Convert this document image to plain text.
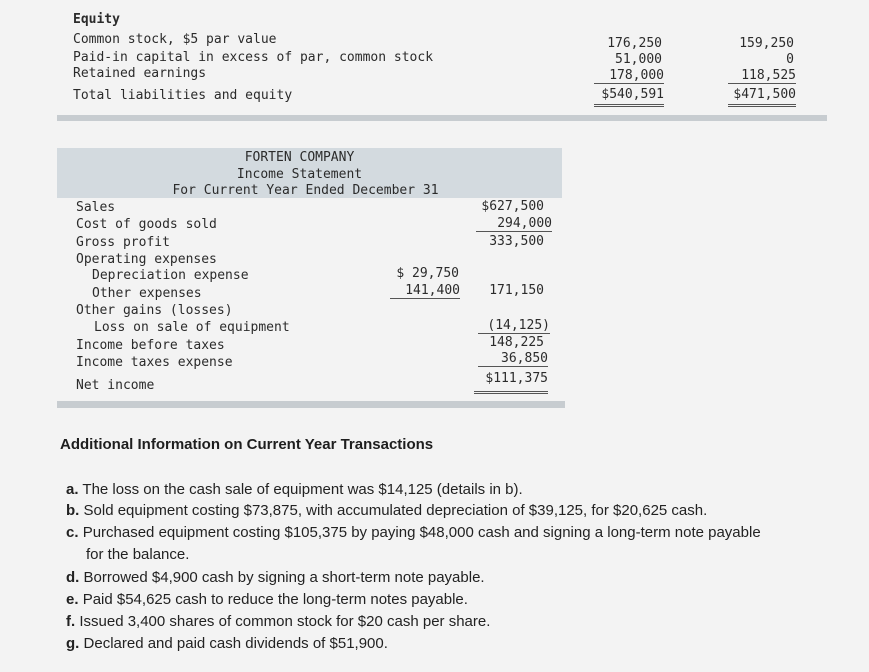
Equity
Common stock, $5 par value
Paid-in capital in excess of par, common stock
Retained earnings
Total liabilities and equity
176,250
51,000
178,000
$540,591
159,250
0
118,525
$471,500
FORTEN COMPANY
Income Statement
For Current Year Ended December 31
Sales
Cost of goods sold
Gross profit
Operating expenses
Depreciation expense
Other expenses
Other gains (losses)
Loss on sale of equipment
Income before taxes
Income taxes expense
Net income
$ 29,750
141,400
$627,500
294,000
333,500
171,150
(14,125)
148,225
36,850
$111,375
Additional Information on Current Year Transactions
a. The loss on the cash sale of equipment was $14,125 (details in b).
b. Sold equipment costing $73,875, with accumulated depreciation of $39,125, for $20,625 cash.
c. Purchased equipment costing $105,375 by paying $48,000 cash and signing a long-term note payable
for the balance.
d. Borrowed $4,900 cash by signing a short-term note payable.
e. Paid $54,625 cash to reduce the long-term notes payable.
f. Issued 3,400 shares of common stock for $20 cash per share.
g. Declared and paid cash dividends of $51,900.
